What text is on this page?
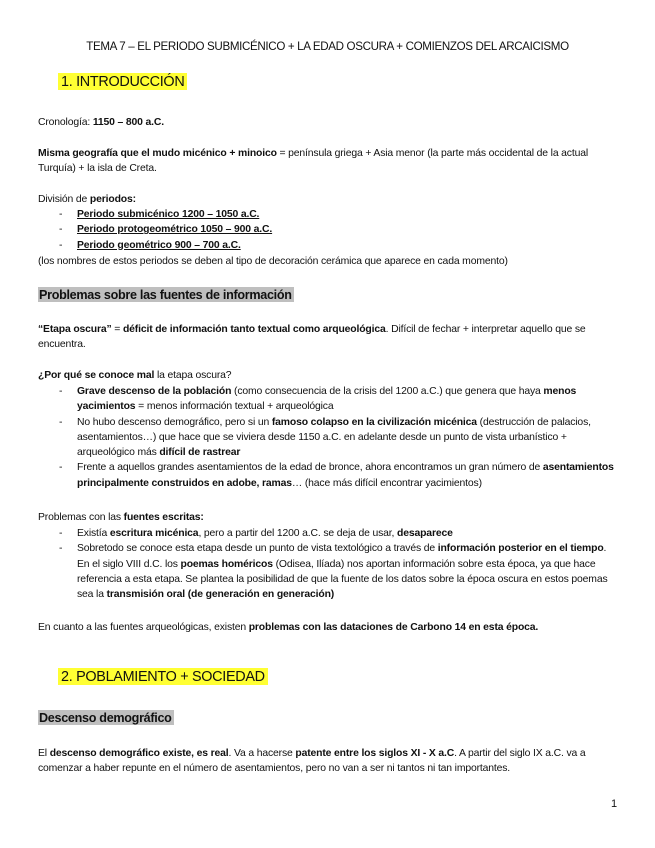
TEMA 7 – EL PERIODO SUBMICÉNICO + LA EDAD OSCURA + COMIENZOS DEL ARCAICISMO
1. INTRODUCCIÓN

Cronología: 1150 – 800 a.C.

Misma geografía que el mudo micénico + minoico = península griega + Asia menor (la parte más occidental de la actual Turquía) + la isla de Creta.

División de periodos:

- Periodo submicénico 1200 – 1050 a.C.
- Periodo protogeométrico 1050 – 900 a.C.
- Periodo geométrico 900 – 700 a.C.

(los nombres de estos periodos se deben al tipo de decoración cerámica que aparece en cada momento)

Problemas sobre las fuentes de información

“Etapa oscura” = déficit de información tanto textual como arqueológica. Difícil de fechar + interpretar aquello que se encuentra.

¿Por qué se conoce mal la etapa oscura?

- Grave descenso de la población (como consecuencia de la crisis del 1200 a.C.) que genera que haya menos yacimientos = menos información textual + arqueológica
- No hubo descenso demográfico, pero si un famoso colapso en la civilización micénica (destrucción de palacios, asentamientos…) que hace que se viviera desde 1150 a.C. en adelante desde un punto de vista urbanístico + arqueológico más difícil de rastrear
- Frente a aquellos grandes asentamientos de la edad de bronce, ahora encontramos un gran número de asentamientos principalmente construidos en adobe, ramas… (hace más difícil encontrar yacimientos)

Problemas con las fuentes escritas:

- Existía escritura micénica, pero a partir del 1200 a.C. se deja de usar, desaparece
- Sobretodo se conoce esta etapa desde un punto de vista textológico a través de información posterior en el tiempo. En el siglo VIII d.C. los poemas homéricos (Odisea, Ilíada) nos aportan información sobre esta época, ya que hace referencia a esta etapa. Se plantea la posibilidad de que la fuente de los datos sobre la época oscura en estos poemas sea la transmisión oral (de generación en generación)

En cuanto a las fuentes arqueológicas, existen problemas con las dataciones de Carbono 14 en esta época.

2. POBLAMIENTO + SOCIEDAD
Descenso demográfico

El descenso demográfico existe, es real. Va a hacerse patente entre los siglos XI - X a.C. A partir del siglo IX a.C. va a comenzar a haber repunte en el número de asentamientos, pero no van a ser ni tantos ni tan importantes.

1
